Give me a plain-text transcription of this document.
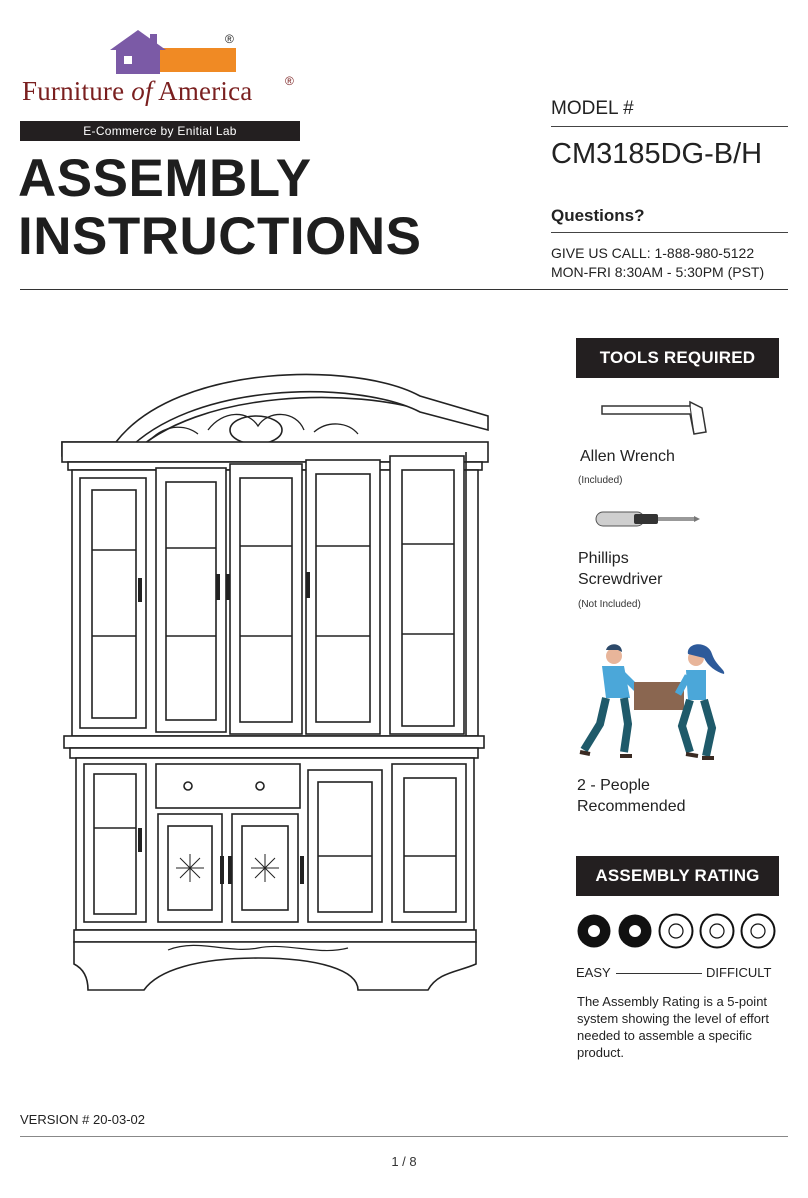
®
Furniture of America	®
E-Commerce by Enitial Lab
ASSEMBLY
INSTRUCTIONS
MODEL #
CM3185DG-B/H
Questions?
GIVE US CALL: 1-888-980-5122
MON-FRI 8:30AM - 5:30PM (PST)
TOOLS REQUIRED
Allen Wrench
(Included)
Phillips
Screwdriver
(Not Included)
2 - People
Recommended
ASSEMBLY RATING
EASY	DIFFICULT
The Assembly Rating is a 5-point system showing the level of effort needed to assemble a specific product.
VERSION # 20-03-02
1 / 8
